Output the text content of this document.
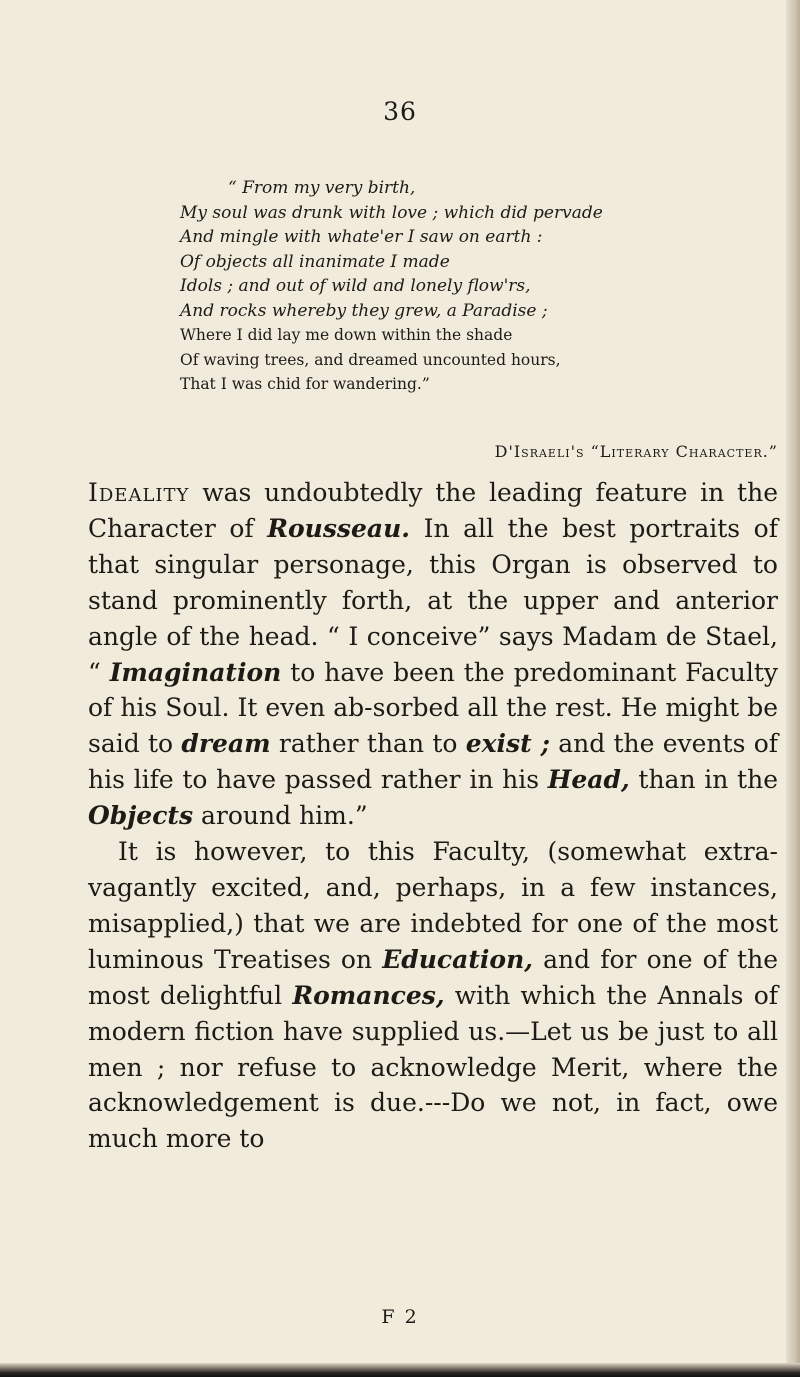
36
“ From my very birth,
My soul was drunk with love ; which did pervade
And mingle with whate'er I saw on earth :
Of objects all inanimate I made
Idols ; and out of wild and lonely flow'rs,
And rocks whereby they grew, a Paradise ;
Where I did lay me down within the shade
Of waving trees, and dreamed uncounted hours,
That I was chid for wandering.”
D'Israeli's “Literary Character.”

Ideality was undoubtedly the leading feature in the Character of Rousseau. In all the best portraits of that singular personage, this Organ is observed to stand prominently forth, at the upper and anterior angle of the head. “ I conceive” says Madam de Stael, “ Imagination to have been the predominant Faculty of his Soul. It even ab-sorbed all the rest. He might be said to dream rather than to exist ; and the events of his life to have passed rather in his Head, than in the Objects around him.”

It is however, to this Faculty, (somewhat extra-vagantly excited, and, perhaps, in a few instances, misapplied,) that we are indebted for one of the most luminous Treatises on Education, and for one of the most delightful Romances, with which the Annals of modern fiction have supplied us.—Let us be just to all men ; nor refuse to acknowledge Merit, where the acknowledgement is due.---Do we not, in fact, owe much more to

F 2
